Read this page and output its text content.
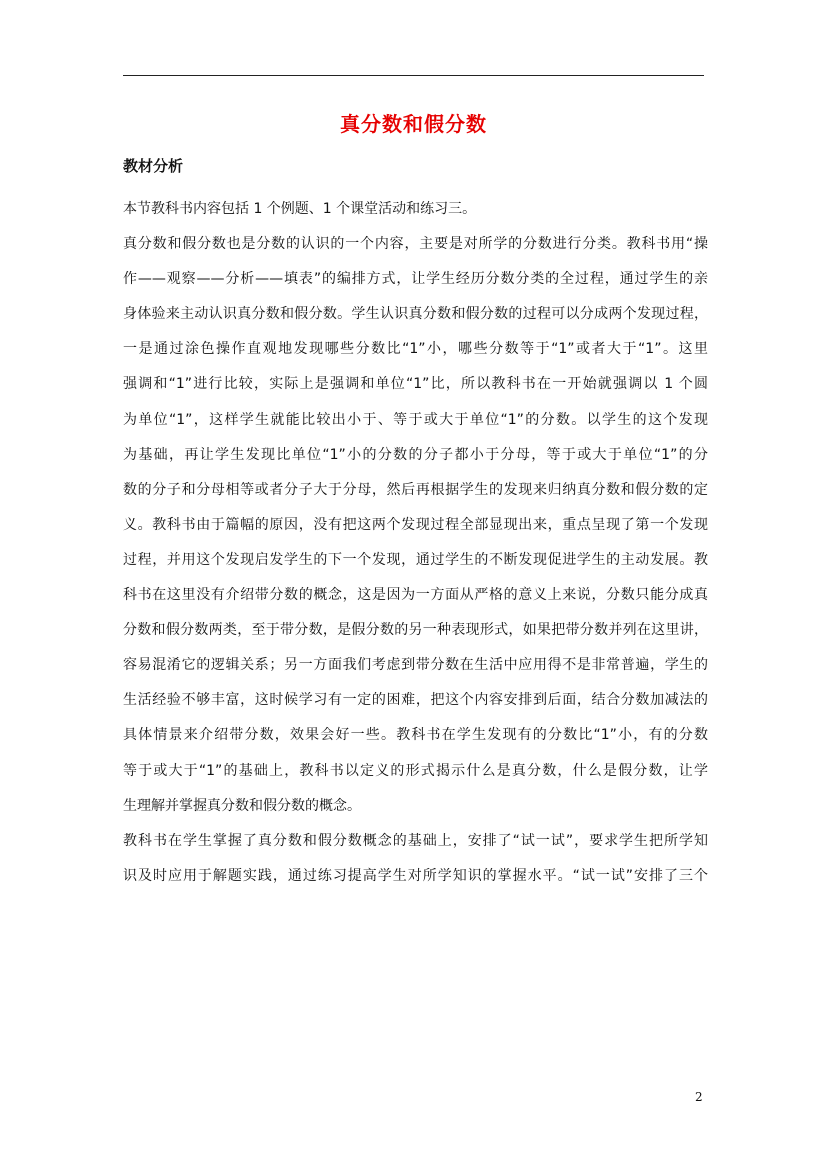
真分数和假分数
教材分析

本节教科书内容包括 1 个例题、1 个课堂活动和练习三。

真分数和假分数也是分数的认识的一个内容，主要是对所学的分数进行分类。教科书用“操

作——观察——分析——填表”的编排方式，让学生经历分数分类的全过程，通过学生的亲

身体验来主动认识真分数和假分数。学生认识真分数和假分数的过程可以分成两个发现过程，

一是通过涂色操作直观地发现哪些分数比“1”小，哪些分数等于“1”或者大于“1”。这里

强调和“1”进行比较，实际上是强调和单位“1”比，所以教科书在一开始就强调以 1 个圆

为单位“1”，这样学生就能比较出小于、等于或大于单位“1”的分数。以学生的这个发现

为基础，再让学生发现比单位“1”小的分数的分子都小于分母，等于或大于单位“1”的分

数的分子和分母相等或者分子大于分母，然后再根据学生的发现来归纳真分数和假分数的定

义。教科书由于篇幅的原因，没有把这两个发现过程全部显现出来，重点呈现了第一个发现

过程，并用这个发现启发学生的下一个发现，通过学生的不断发现促进学生的主动发展。教

科书在这里没有介绍带分数的概念，这是因为一方面从严格的意义上来说，分数只能分成真

分数和假分数两类，至于带分数，是假分数的另一种表现形式，如果把带分数并列在这里讲，

容易混淆它的逻辑关系；另一方面我们考虑到带分数在生活中应用得不是非常普遍，学生的

生活经验不够丰富，这时候学习有一定的困难，把这个内容安排到后面，结合分数加减法的

具体情景来介绍带分数，效果会好一些。教科书在学生发现有的分数比“1”小，有的分数

等于或大于“1”的基础上，教科书以定义的形式揭示什么是真分数，什么是假分数，让学

生理解并掌握真分数和假分数的概念。

教科书在学生掌握了真分数和假分数概念的基础上，安排了“试一试”，要求学生把所学知

识及时应用于解题实践，通过练习提高学生对所学知识的掌握水平。“试一试”安排了三个

2
